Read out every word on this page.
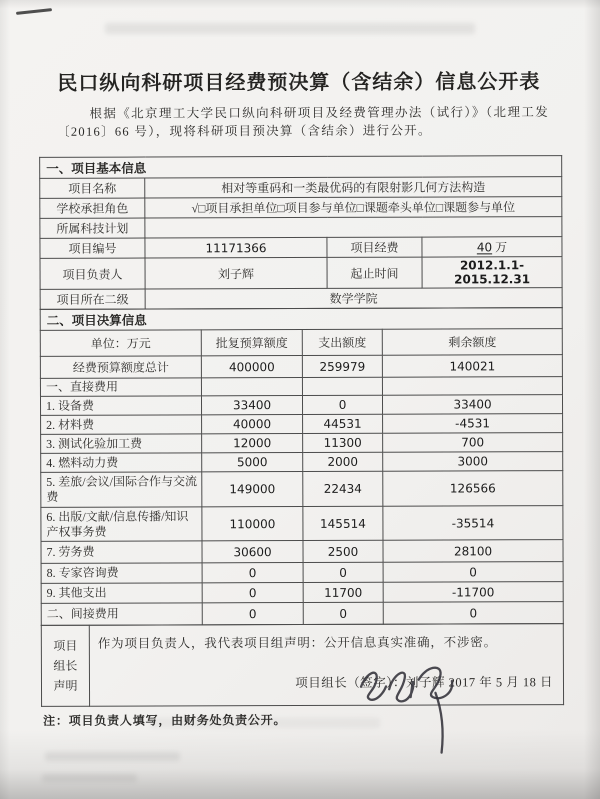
民口纵向科研项目经费预决算（含结余）信息公开表

根据《北京理工大学民口纵向科研项目及经费管理办法（试行）》（北理工发〔2016〕66 号），现将科研项目预决算（含结余）进行公开。

一、项目基本信息			
项目名称	相对等重码和一类最优码的有限射影几何方法构造		
学校承担角色	√□项目承担单位□项目参与单位□课题牵头单位□课题参与单位		
所属科技计划			
项目编号	11171366	项目经费	40 万
项目负责人	刘子辉	起止时间	2012.1.1-2015.12.31
项目所在二级	数学学院		
二、项目决算信息			
单位：万元	批复预算额度	支出额度	剩余额度
经费预算额度总计	400000	259979	140021
一、直接费用			
1. 设备费	33400	0	33400
2. 材料费	40000	44531	-4531
3. 测试化验加工费	12000	11300	700
4. 燃料动力费	5000	2000	3000
5. 差旅/会议/国际合作与交流费	149000	22434	126566
6. 出版/文献/信息传播/知识产权事务费	110000	145514	-35514
7. 劳务费	30600	2500	28100
8. 专家咨询费	0	0	0
9. 其他支出	0	11700	-11700
二、间接费用	0	0	0
项目
组长
声明

作为项目负责人，我代表项目组声明：公开信息真实准确，不涉密。

项目组长（签字）：刘子辉 2017 年 5 月 18 日

注：项目负责人填写，由财务处负责公开。
